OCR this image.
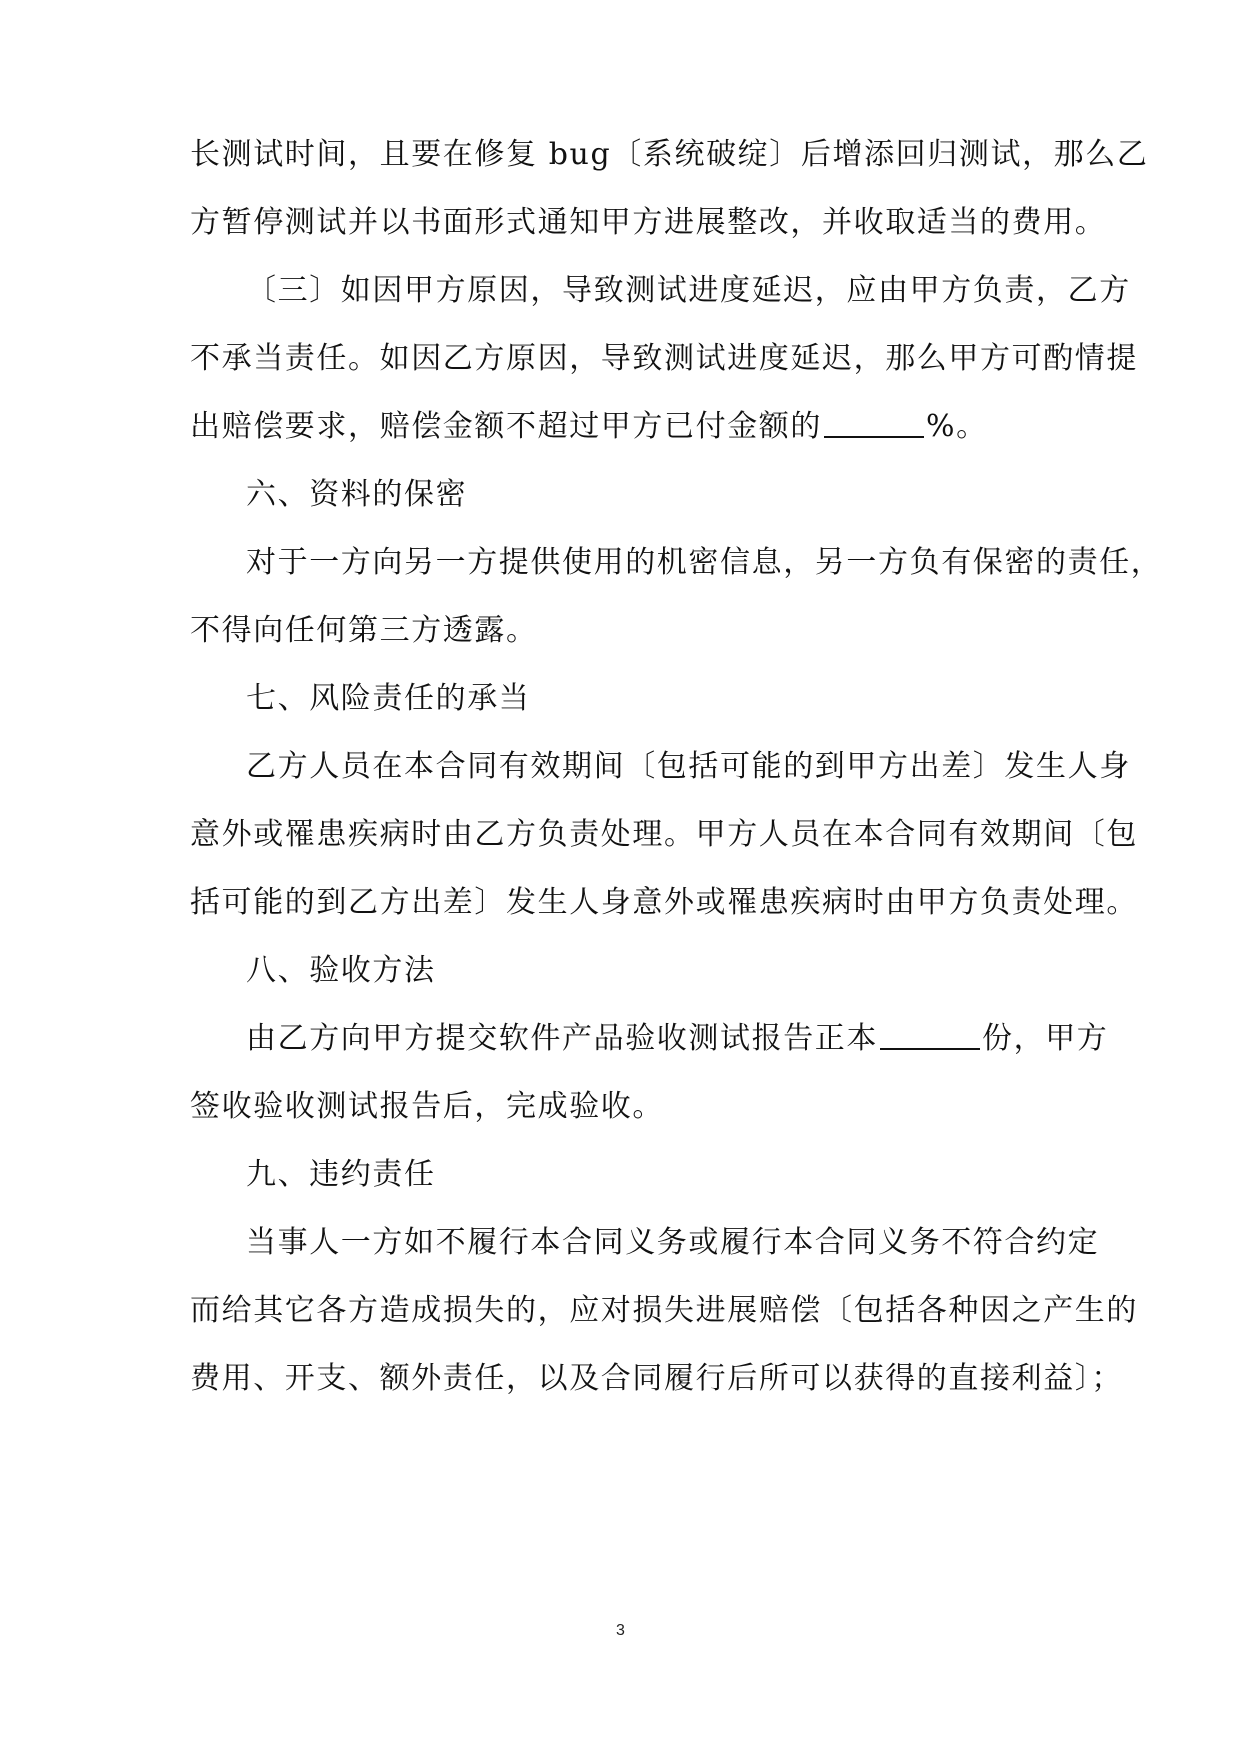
长测试时间，且要在修复 bug〔系统破绽〕后增添回归测试，那么乙
方暂停测试并以书面形式通知甲方进展整改，并收取适当的费用。
〔三〕如因甲方原因，导致测试进度延迟，应由甲方负责，乙方
不承当责任。如因乙方原因，导致测试进度延迟，那么甲方可酌情提
出赔偿要求，赔偿金额不超过甲方已付金额的	%。
六、资料的保密
对于一方向另一方提供使用的机密信息，另一方负有保密的责任，
不得向任何第三方透露。
七、风险责任的承当
乙方人员在本合同有效期间〔包括可能的到甲方出差〕发生人身
意外或罹患疾病时由乙方负责处理。甲方人员在本合同有效期间〔包
括可能的到乙方出差〕发生人身意外或罹患疾病时由甲方负责处理。
八、验收方法
由乙方向甲方提交软件产品验收测试报告正本	份，甲方
签收验收测试报告后，完成验收。
九、违约责任
当事人一方如不履行本合同义务或履行本合同义务不符合约定
而给其它各方造成损失的，应对损失进展赔偿〔包括各种因之产生的
费用、开支、额外责任，以及合同履行后所可以获得的直接利益〕；
3
